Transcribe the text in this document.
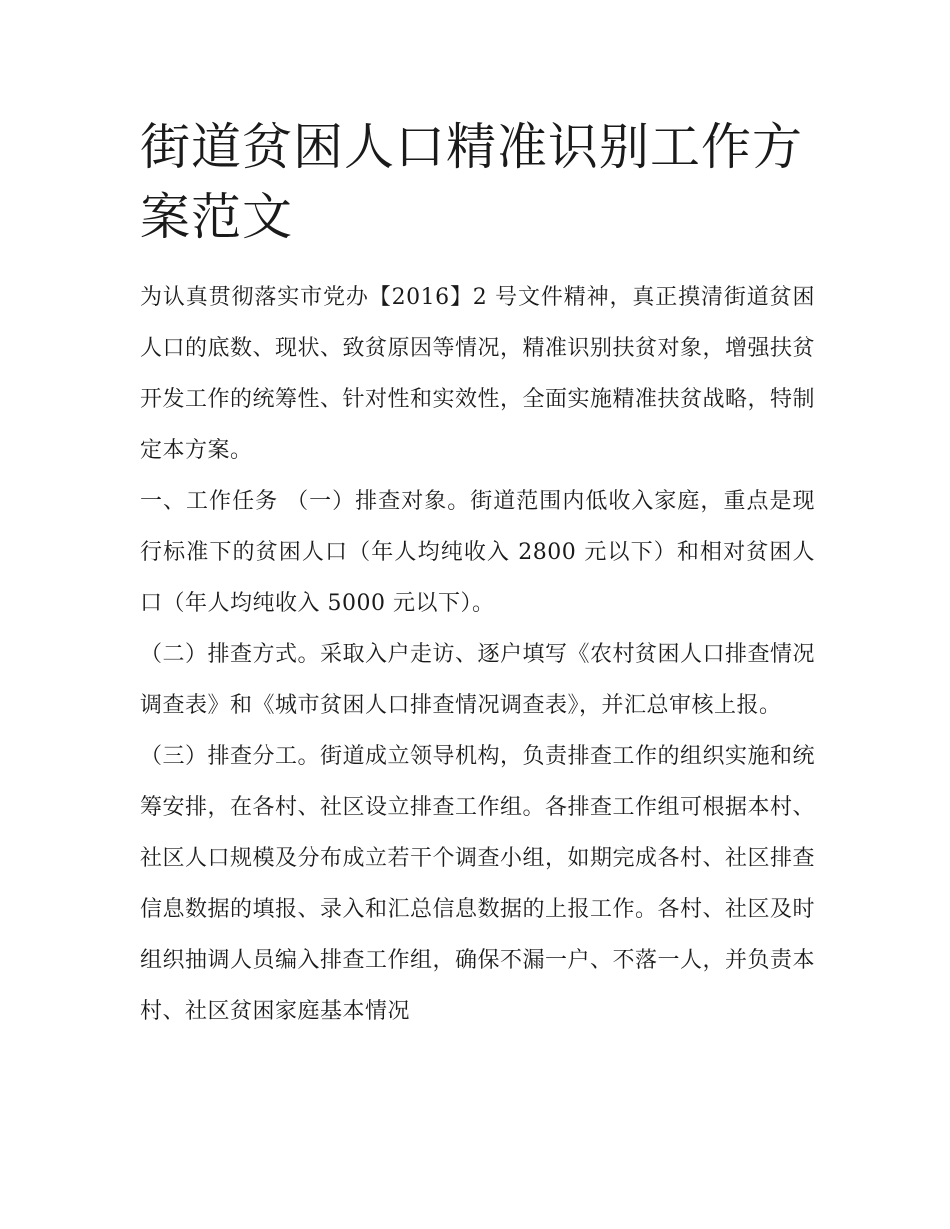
街道贫困人口精准识别工作方案范文

为认真贯彻落实市党办【2016】2 号文件精神，真正摸清街道贫困人口的底数、现状、致贫原因等情况，精准识别扶贫对象，增强扶贫开发工作的统筹性、针对性和实效性，全面实施精准扶贫战略，特制定本方案。

一、工作任务 （一）排查对象。街道范围内低收入家庭，重点是现行标准下的贫困人口（年人均纯收入 2800 元以下）和相对贫困人口（年人均纯收入 5000 元以下）。

（二）排查方式。采取入户走访、逐户填写《农村贫困人口排查情况调查表》和《城市贫困人口排查情况调查表》，并汇总审核上报。

（三）排查分工。街道成立领导机构，负责排查工作的组织实施和统筹安排，在各村、社区设立排查工作组。各排查工作组可根据本村、社区人口规模及分布成立若干个调查小组，如期完成各村、社区排查信息数据的填报、录入和汇总信息数据的上报工作。各村、社区及时组织抽调人员编入排查工作组，确保不漏一户、不落一人，并负责本村、社区贫困家庭基本情况
